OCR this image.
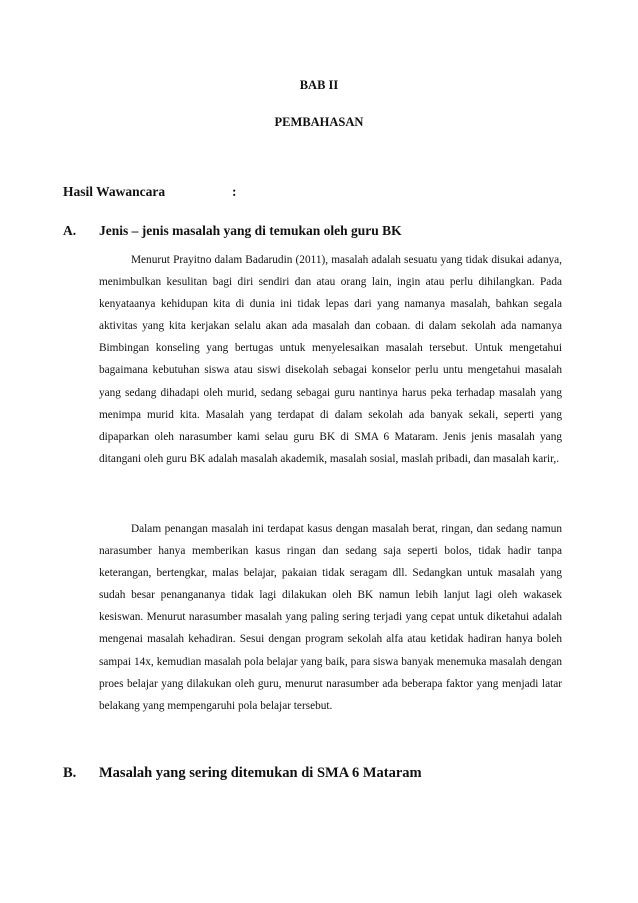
BAB II
PEMBAHASAN
Hasil Wawancara	:
A. Jenis – jenis masalah yang di temukan oleh guru BK

Menurut Prayitno dalam Badarudin (2011), masalah adalah sesuatu yang tidak disukai adanya, menimbulkan kesulitan bagi diri sendiri dan atau orang lain, ingin atau perlu dihilangkan. Pada kenyataanya kehidupan kita di dunia ini tidak lepas dari yang namanya masalah, bahkan segala aktivitas yang kita kerjakan selalu akan ada masalah dan cobaan. di dalam sekolah ada namanya Bimbingan konseling yang bertugas untuk menyelesaikan masalah tersebut. Untuk mengetahui bagaimana kebutuhan siswa atau siswi disekolah sebagai konselor perlu untu mengetahui masalah yang sedang dihadapi oleh murid, sedang sebagai guru nantinya harus peka terhadap masalah yang menimpa murid kita. Masalah yang terdapat di dalam sekolah ada banyak sekali, seperti yang dipaparkan oleh narasumber kami selau guru BK di SMA 6 Mataram. Jenis jenis masalah yang ditangani oleh guru BK adalah masalah akademik, masalah sosial, maslah pribadi, dan masalah karir,.

Dalam penangan masalah ini terdapat kasus dengan masalah berat, ringan, dan sedang namun narasumber hanya memberikan kasus ringan dan sedang saja seperti bolos, tidak hadir tanpa keterangan, bertengkar, malas belajar, pakaian tidak seragam dll. Sedangkan untuk masalah yang sudah besar penangananya tidak lagi dilakukan oleh BK namun lebih lanjut lagi oleh wakasek kesiswan. Menurut narasumber masalah yang paling sering terjadi yang cepat untuk diketahui adalah mengenai masalah kehadiran. Sesui dengan program sekolah alfa atau ketidak hadiran hanya boleh sampai 14x, kemudian masalah pola belajar yang baik, para siswa banyak menemuka masalah dengan proes belajar yang dilakukan oleh guru, menurut narasumber ada beberapa faktor yang menjadi latar belakang yang mempengaruhi pola belajar tersebut.

B. Masalah yang sering ditemukan di SMA 6 Mataram
